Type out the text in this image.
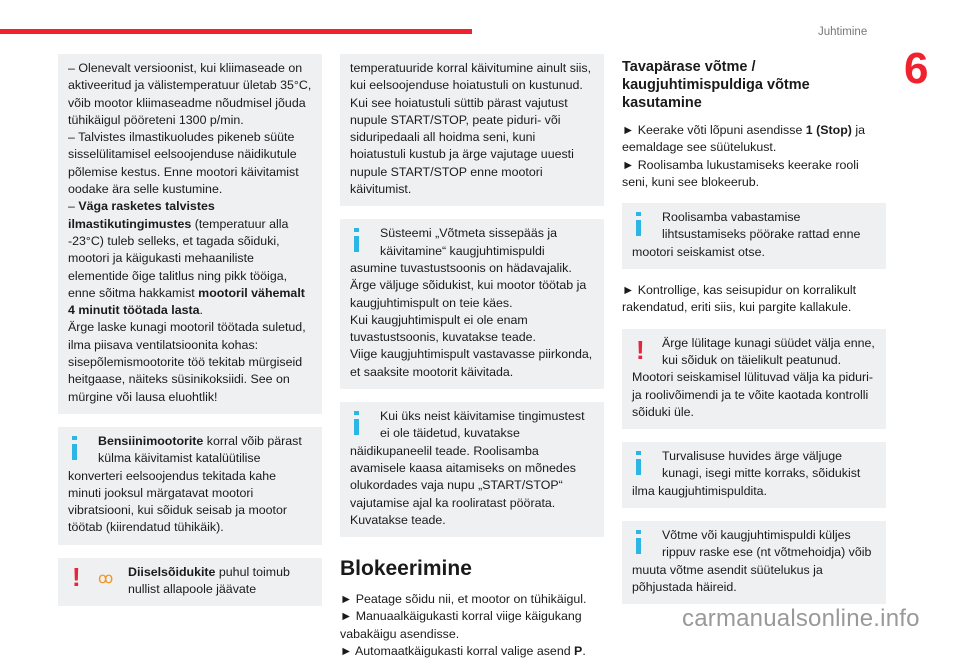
Juhtimine
6

– Olenevalt versioonist, kui kliimaseade on aktiveeritud ja välistemperatuur ületab 35°C, võib mootor kliimaseadme nõudmisel jõuda tühikäigul pööreteni 1300 p/min.

– Talvistes ilmastikuoludes pikeneb süüte sisselülitamisel eelsoojenduse näidikutule põlemise kestus. Enne mootori käivitamist oodake ära selle kustumine.

– Väga rasketes talvistes ilmastikutingimustes (temperatuur alla -23°C) tuleb selleks, et tagada sõiduki, mootori ja käigukasti mehaaniliste elementide õige talitlus ning pikk tööiga, enne sõitma hakkamist mootoril vähemalt 4 minutit töötada lasta.

Ärge laske kunagi mootoril töötada suletud, ilma piisava ventilatsioonita kohas: sisepõlemismootorite töö tekitab mürgiseid heitgaase, näiteks süsinikoksiidi. See on mürgine või lausa eluohtlik!

Bensiinimootorite korral võib pärast külma käivitamist katalüütilise konverteri eelsoojendus tekitada kahe minuti jooksul märgatavat mootori vibratsiooni, kui sõiduk seisab ja mootor töötab (kiirendatud tühikäik).

! ꝏ Diiselsõidukite puhul toimub nullist allapoole jäävate

temperatuuride korral käivitumine ainult siis, kui eelsoojenduse hoiatustuli on kustunud. Kui see hoiatustuli süttib pärast vajutust nupule START/STOP, peate piduri- või siduripedaali all hoidma seni, kuni hoiatustuli kustub ja ärge vajutage uuesti nupule START/STOP enne mootori käivitumist.

Süsteemi „Võtmeta sissepääs ja käivitamine“ kaugjuhtimispuldi asumine tuvastustsoonis on hädavajalik.

Ärge väljuge sõidukist, kui mootor töötab ja kaugjuhtimispult on teie käes.

Kui kaugjuhtimispult ei ole enam tuvastustsoonis, kuvatakse teade.

Viige kaugjuhtimispult vastavasse piirkonda, et saaksite mootorit käivitada.

Kui üks neist käivitamise tingimustest ei ole täidetud, kuvatakse näidikupaneelil teade. Roolisamba avamisele kaasa aitamiseks on mõnedes olukordades vaja nupu „START/STOP“ vajutamise ajal ka rooliratast pöörata. Kuvatakse teade.

Blokeerimine

► Peatage sõidu nii, et mootor on tühikäigul.

► Manuaalkäigukasti korral viige käigukang vabakäigu asendisse.

► Automaatkäigukasti korral valige asend P.

Tavapärase võtme / kaugjuhtimispuldiga võtme kasutamine

► Keerake võti lõpuni asendisse 1 (Stop) ja eemaldage see süütelukust.

► Roolisamba lukustamiseks keerake rooli seni, kuni see blokeerub.

Roolisamba vabastamise lihtsustamiseks pöörake rattad enne mootori seiskamist otse.

► Kontrollige, kas seisupidur on korralikult rakendatud, eriti siis, kui pargite kallakule.

!	Ärge lülitage kunagi süüdet välja enne, kui sõiduk on täielikult peatunud. Mootori seiskamisel lülituvad välja ka piduri- ja roolivõimendi ja te võite kaotada kontrolli sõiduki üle.

Turvalisuse huvides ärge väljuge kunagi, isegi mitte korraks, sõidukist ilma kaugjuhtimispuldita.

Võtme või kaugjuhtimispuldi küljes rippuv raske ese (nt võtmehoidja) võib muuta võtme asendit süütelukus ja põhjustada häireid.

carmanualsonline.info
